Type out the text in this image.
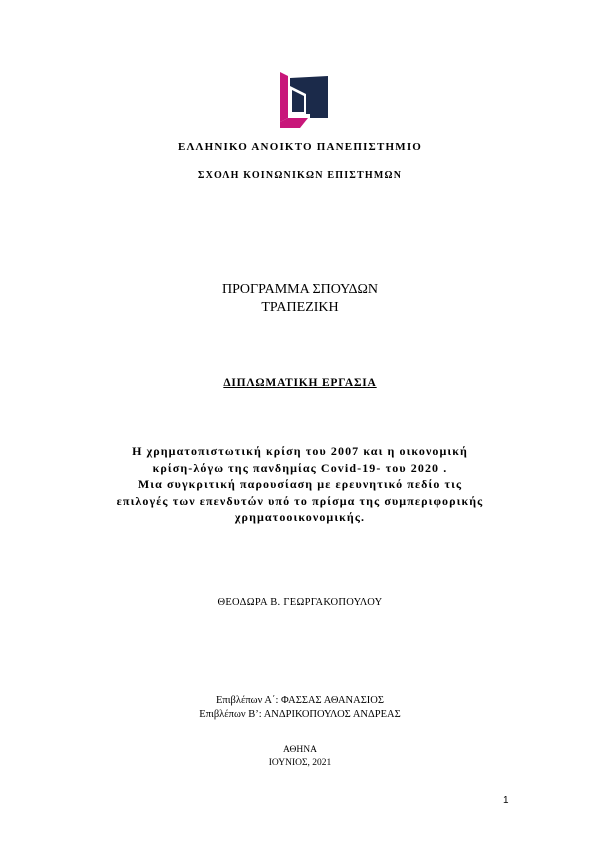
ΕΛΛΗΝΙΚΟ ΑΝΟΙΚΤΟ ΠΑΝΕΠΙΣΤΗΜΙΟ
ΣΧΟΛΗ ΚΟΙΝΩΝΙΚΩΝ ΕΠΙΣΤΗΜΩΝ
ΠΡΟΓΡΑΜΜΑ ΣΠΟΥΔΩΝ
ΤΡΑΠΕΖΙΚΗ
ΔΙΠΛΩΜΑΤΙΚΗ ΕΡΓΑΣΙΑ
Η χρηματοπιστωτική κρίση του 2007 και η οικονομική
κρίση-λόγω της πανδημίας Covid-19- του 2020 .
Μια συγκριτική παρουσίαση με ερευνητικό πεδίο τις
επιλογές των επενδυτών υπό το πρίσμα της συμπεριφορικής
χρηματοοικονομικής.
ΘΕΟΔΩΡΑ Β. ΓΕΩΡΓΑΚΟΠΟΥΛΟΥ
Επιβλέπων Α΄: ΦΑΣΣΑΣ ΑΘΑΝΑΣΙΟΣ
Επιβλέπων Β’: ΑΝΔΡΙΚΟΠΟΥΛΟΣ ΑΝΔΡΕΑΣ
ΑΘΗΝΑ
ΙΟΥΝΙΟΣ, 2021
1
